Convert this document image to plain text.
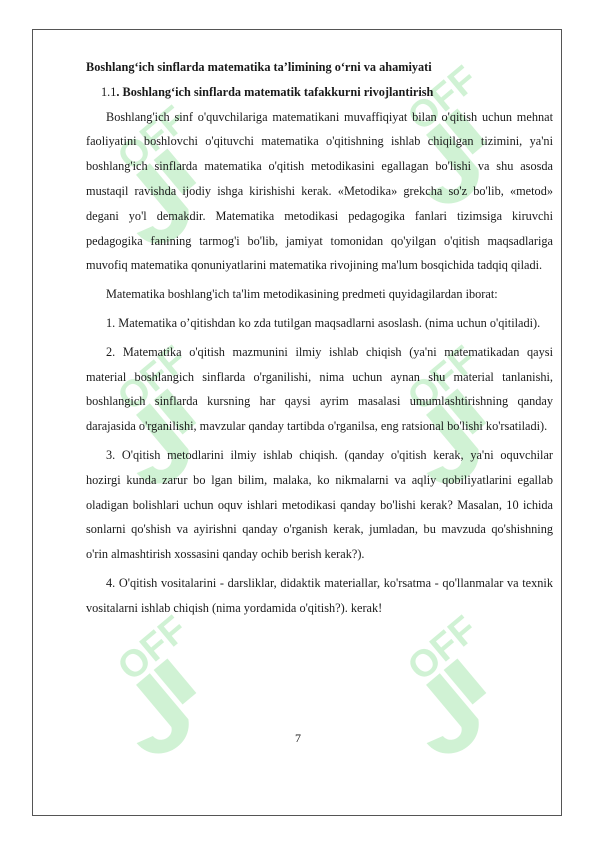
OFF	OFF
OFF	OFF
OFF	OFF
Boshlang‘ich sinflarda matematika ta’limining o‘rni va ahamiyati
1.1. Boshlang‘ich sinflarda matematik tafakkurni rivojlantirish

Boshlang'ich sinf o'quvchilariga matematikani muvaffiqiyat bilan o'qitish uchun mehnat faoliyatini boshlovchi o'qituvchi matematika o'qitishning ishlab chiqilgan tizimini, ya'ni boshlang'ich sinflarda matematika o'qitish metodikasini egallagan bo'lishi va shu asosda mustaqil ravishda ijodiy ishga kirishishi kerak. «Metodika» grekcha so'z bo'lib, «metod» degani yo'l demakdir. Matematika metodikasi pedagogika fanlari tizimsiga kiruvchi pedagogika fanining tarmog'i bo'lib, jamiyat tomonidan qo'yilgan o'qitish maqsadlariga muvofiq matematika qonuniyatlarini matematika rivojining ma'lum bosqichida tadqiq qiladi.

Matematika boshlang'ich ta'lim metodikasining predmeti quyidagilardan iborat:

1. Matematika o’qitishdan ko zda tutilgan maqsadlarni asoslash. (nima uchun o'qitiladi).

2. Matematika o'qitish mazmunini ilmiy ishlab chiqish (ya'ni matematikadan qaysi material boshlangich sinflarda o'rganilishi, nima uchun aynan shu material tanlanishi, boshlangich sinflarda kursning har qaysi ayrim masalasi umumlashtirishning qanday darajasida o'rganilishi, mavzular qanday tartibda o'rganilsa, eng ratsional bo'lishi ko'rsatiladi).

3. O'qitish metodlarini ilmiy ishlab chiqish. (qanday o'qitish kerak, ya'ni oquvchilar hozirgi kunda zarur bo lgan bilim, malaka, ko nikmalarni va aqliy qobiliyatlarini egallab oladigan bolishlari uchun oquv ishlari metodikasi qanday bo'lishi kerak? Masalan, 10 ichida sonlarni qo'shish va ayirishni qanday o'rganish kerak, jumladan, bu mavzuda qo'shishning o'rin almashtirish xossasini qanday ochib berish kerak?).

4. O'qitish vositalarini - darsliklar, didaktik materiallar, ko'rsatma - qo'llanmalar va texnik vositalarni ishlab chiqish (nima yordamida o'qitish?). kerak!

7
